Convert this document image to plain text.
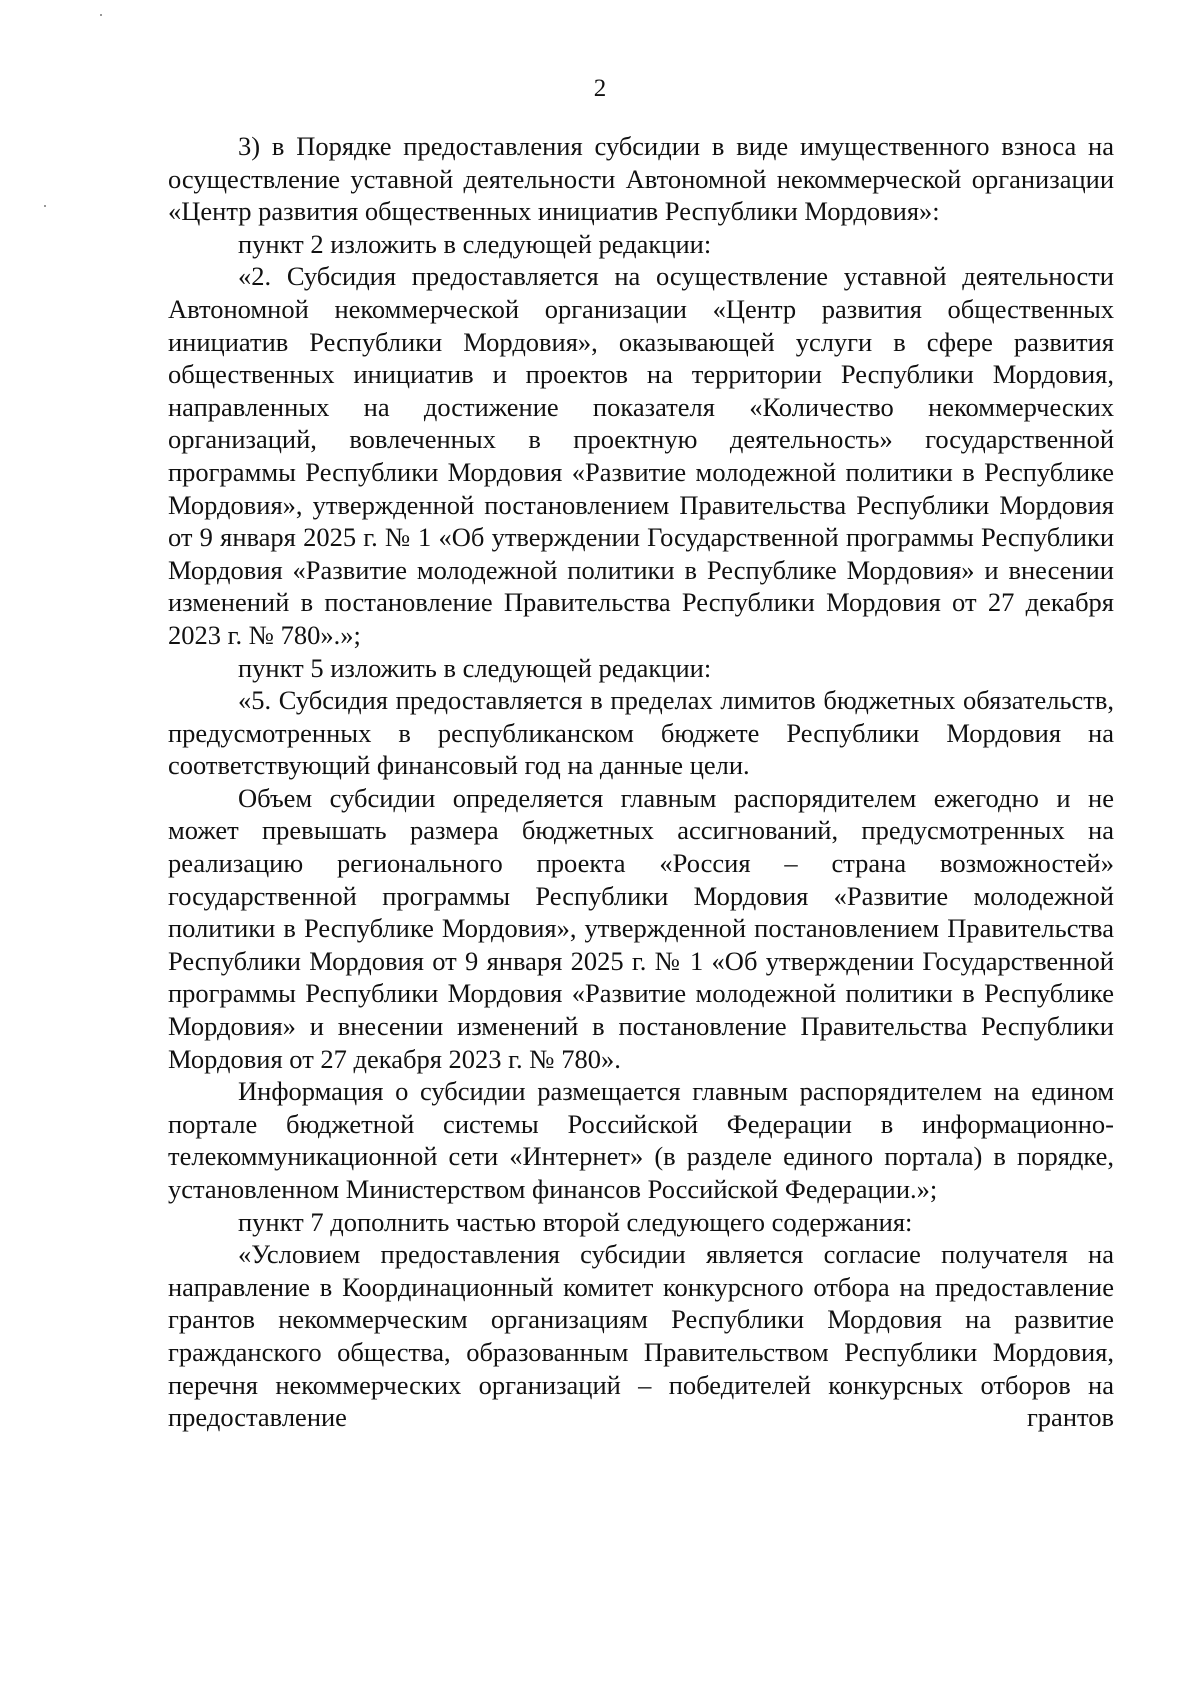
2

3) в Порядке предоставления субсидии в виде имущественного взноса на осуществление уставной деятельности Автономной некоммерческой организации «Центр развития общественных инициатив Республики Мордовия»:

пункт 2 изложить в следующей редакции:

«2. Субсидия предоставляется на осуществление уставной деятельности Автономной некоммерческой организации «Центр развития общественных инициатив Республики Мордовия», оказывающей услуги в сфере развития общественных инициатив и проектов на территории Республики Мордовия, направленных на достижение показателя «Количество некоммерческих организаций, вовлеченных в проектную деятельность» государственной программы Республики Мордовия «Развитие молодежной политики в Республике Мордовия», утвержденной постановлением Правительства Республики Мордовия от 9 января 2025 г. № 1 «Об утверждении Государственной программы Республики Мордовия «Развитие молодежной политики в Республике Мордовия» и внесении изменений в постановление Правительства Республики Мордовия от 27 декабря 2023 г. № 780».»;

пункт 5 изложить в следующей редакции:

«5. Субсидия предоставляется в пределах лимитов бюджетных обязательств, предусмотренных в республиканском бюджете Республики Мордовия на соответствующий финансовый год на данные цели.

Объем субсидии определяется главным распорядителем ежегодно и не может превышать размера бюджетных ассигнований, предусмотренных на реализацию регионального проекта «Россия – страна возможностей» государственной программы Республики Мордовия «Развитие молодежной политики в Республике Мордовия», утвержденной постановлением Правительства Республики Мордовия от 9 января 2025 г. № 1 «Об утверждении Государственной программы Республики Мордовия «Развитие молодежной политики в Республике Мордовия» и внесении изменений в постановление Правительства Республики Мордовия от 27 декабря 2023 г. № 780».

Информация о субсидии размещается главным распорядителем на едином портале бюджетной системы Российской Федерации в информационно-телекоммуникационной сети «Интернет» (в разделе единого портала) в порядке, установленном Министерством финансов Российской Федерации.»;

пункт 7 дополнить частью второй следующего содержания:

«Условием предоставления субсидии является согласие получателя на направление в Координационный комитет конкурсного отбора на предоставление грантов некоммерческим организациям Республики Мордовия на развитие гражданского общества, образованным Правительством Республики Мордовия, перечня некоммерческих организаций – победителей конкурсных отборов на предоставление грантов
